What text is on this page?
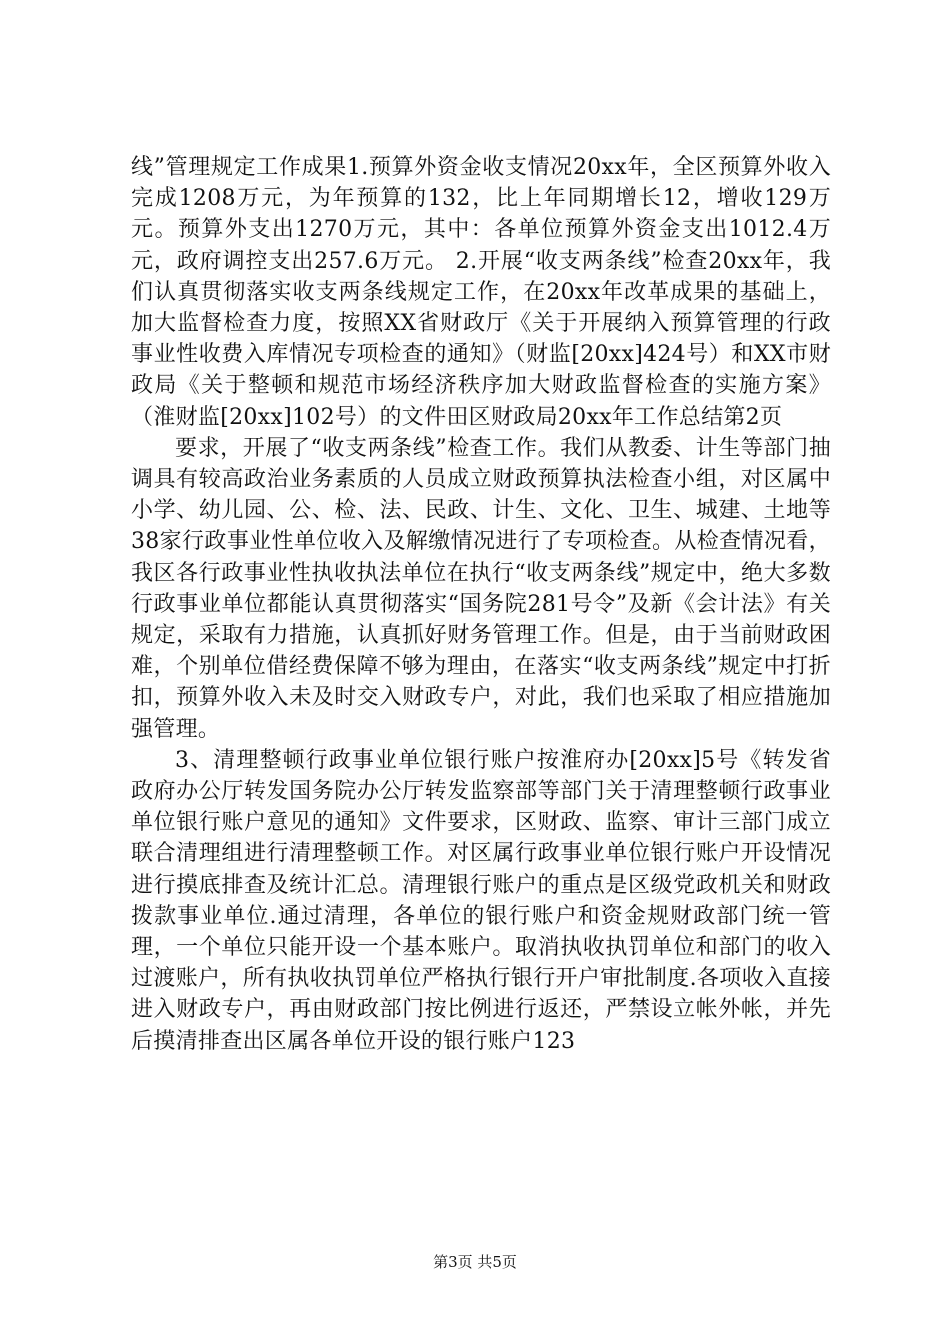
线”管理规定工作成果1.预算外资金收支情况20xx年，全区预算外收入完成1208万元，为年预算的132，比上年同期增长12，增收129万元。预算外支出1270万元，其中：各单位预算外资金支出1012.4万元，政府调控支出257.6万元。 2.开展“收支两条线”检查20xx年，我们认真贯彻落实收支两条线规定工作，在20xx年改革成果的基础上，加大监督检查力度，按照XX省财政厅《关于开展纳入预算管理的行政事业性收费入库情况专项检查的通知》（财监[20xx]424号）和XX市财政局《关于整顿和规范市场经济秩序加大财政监督检查的实施方案》（淮财监[20xx]102号）的文件田区财政局20xx年工作总结第2页

要求，开展了“收支两条线”检查工作。我们从教委、计生等部门抽调具有较高政治业务素质的人员成立财政预算执法检查小组，对区属中小学、幼儿园、公、检、法、民政、计生、文化、卫生、城建、土地等38家行政事业性单位收入及解缴情况进行了专项检查。从检查情况看，我区各行政事业性执收执法单位在执行“收支两条线”规定中，绝大多数行政事业单位都能认真贯彻落实“国务院281号令”及新《会计法》有关规定，采取有力措施，认真抓好财务管理工作。但是，由于当前财政困难，个别单位借经费保障不够为理由，在落实“收支两条线”规定中打折扣，预算外收入未及时交入财政专户，对此，我们也采取了相应措施加强管理。

3、清理整顿行政事业单位银行账户按淮府办[20xx]5号《转发省政府办公厅转发国务院办公厅转发监察部等部门关于清理整顿行政事业单位银行账户意见的通知》文件要求，区财政、监察、审计三部门成立联合清理组进行清理整顿工作。对区属行政事业单位银行账户开设情况进行摸底排查及统计汇总。清理银行账户的重点是区级党政机关和财政拨款事业单位.通过清理，各单位的银行账户和资金规财政部门统一管理，一个单位只能开设一个基本账户。取消执收执罚单位和部门的收入过渡账户，所有执收执罚单位严格执行银行开户审批制度.各项收入直接进入财政专户，再由财政部门按比例进行返还，严禁设立帐外帐，并先后摸清排查出区属各单位开设的银行账户123

第3页 共5页
